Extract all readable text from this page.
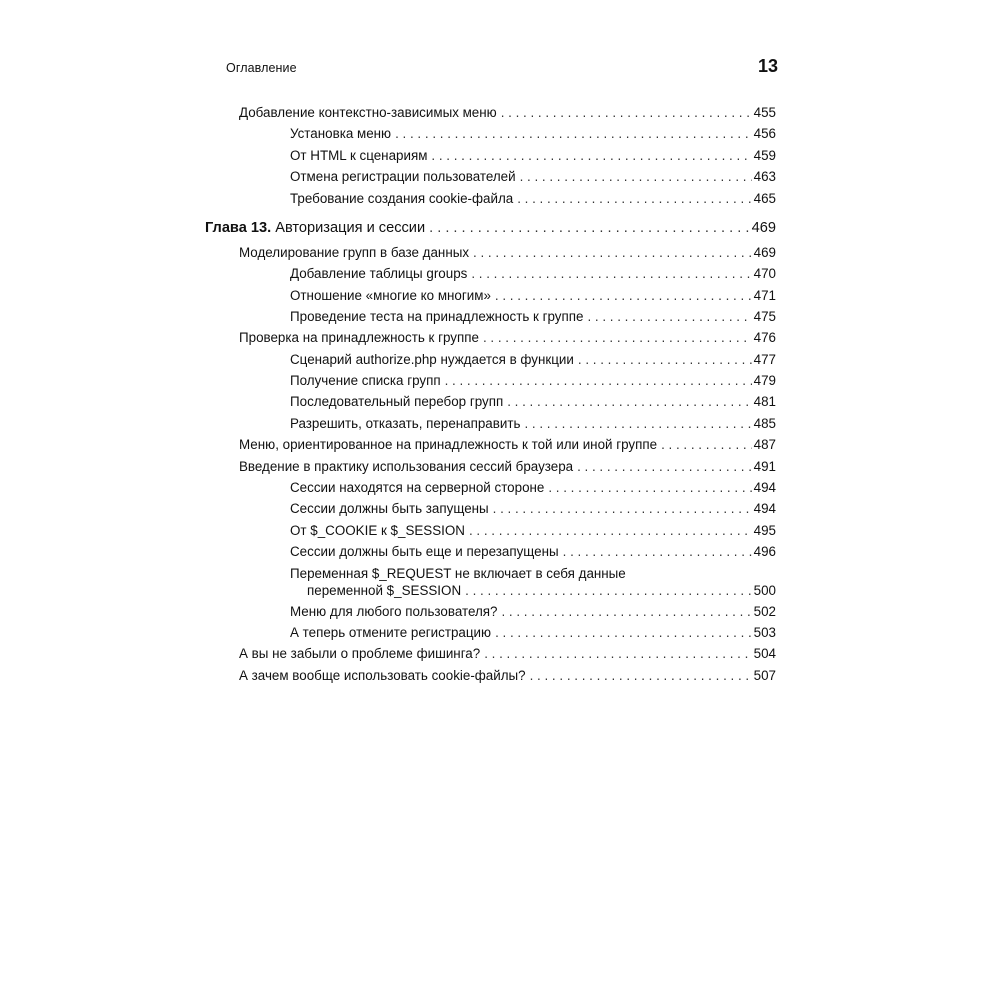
Оглавление	13
Добавление контекстно-зависимых меню . . .	455
Установка меню . . .	456
От HTML к сценариям . . .	459
Отмена регистрации пользователей . . .	463
Требование создания cookie-файла . . .	465
Глава 13. Авторизация и сессии . . .	469
Моделирование групп в базе данных . . .	469
Добавление таблицы groups . . .	470
Отношение «многие ко многим» . . .	471
Проведение теста на принадлежность к группе . . .	475
Проверка на принадлежность к группе . . .	476
Сценарий authorize.php нуждается в функции . . .	477
Получение списка групп . . .	479
Последовательный перебор групп . . .	481
Разрешить, отказать, перенаправить . . .	485
Меню, ориентированное на принадлежность к той или иной группе . . .	487
Введение в практику использования сессий браузера . . .	491
Сессии находятся на серверной стороне . . .	494
Сессии должны быть запущены . . .	494
От $_COOKIE к $_SESSION . . .	495
Сессии должны быть еще и перезапущены . . .	496
Переменная $_REQUEST не включает в себя данные
переменной $_SESSION . . .	500
Меню для любого пользователя? . . .	502
А теперь отмените регистрацию . . .	503
А вы не забыли о проблеме фишинга? . . .	504
А зачем вообще использовать cookie-файлы? . . .	507
